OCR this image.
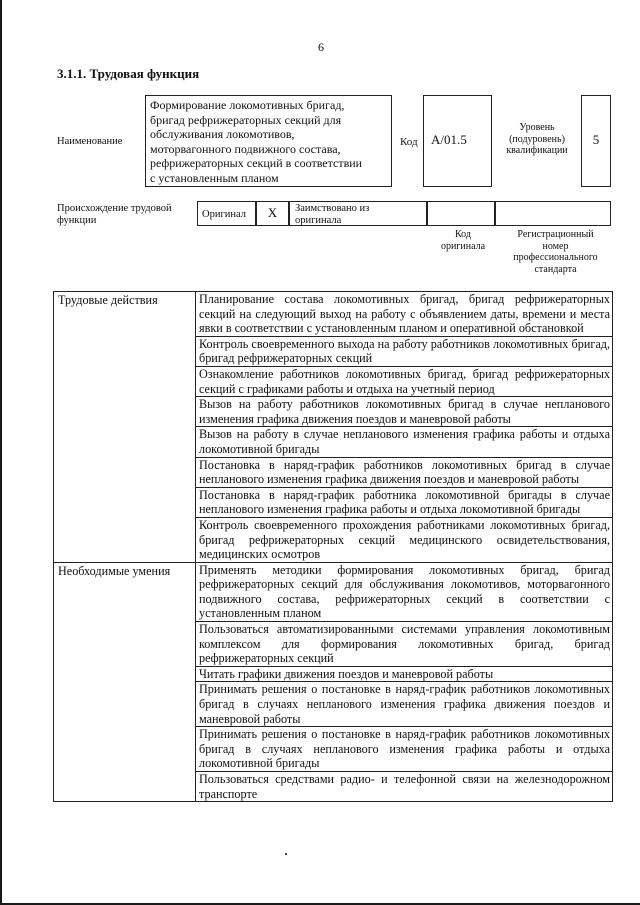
6
3.1.1. Трудовая функция
Наименование
Формирование локомотивных бригад,
бригад рефрижераторных секций для
обслуживания локомотивов,
моторвагонного подвижного состава,
рефрижераторных секций в соответствии
с установленным планом
Код	A/01.5
Уровень
(подуровень)
квалификации
5
Происхождение трудовой
функции
Оригинал	X	Заимствовано из
оригинала
Код
оригинала
Регистрационный
номер
профессионального
стандарта
Трудовые действия	Планирование состава локомотивных бригад, бригад рефрижераторных секций на следующий выход на работу с объявлением даты, времени и места явки в соответствии с установленным планом и оперативной обстановкой
	Контроль своевременного выхода на работу работников локомотивных бригад, бригад рефрижераторных секций
	Ознакомление работников локомотивных бригад, бригад рефрижераторных секций с графиками работы и отдыха на учетный период
	Вызов на работу работников локомотивных бригад в случае непланового изменения графика движения поездов и маневровой работы
	Вызов на работу в случае непланового изменения графика работы и отдыха локомотивной бригады
	Постановка в наряд-график работников локомотивных бригад в случае непланового изменения графика движения поездов и маневровой работы
	Постановка в наряд-график работника локомотивной бригады в случае непланового изменения графика работы и отдыха локомотивной бригады
	Контроль своевременного прохождения работниками локомотивных бригад, бригад рефрижераторных секций медицинского освидетельствования, медицинских осмотров
Необходимые умения	Применять методики формирования локомотивных бригад, бригад рефрижераторных секций для обслуживания локомотивов, моторвагонного подвижного состава, рефрижераторных секций в соответствии с установленным планом
	Пользоваться автоматизированными системами управления локомотивным комплексом для формирования локомотивных бригад, бригад рефрижераторных секций
	Читать графики движения поездов и маневровой работы
	Принимать решения о постановке в наряд-график работников локомотивных бригад в случаях непланового изменения графика движения поездов и маневровой работы
	Принимать решения о постановке в наряд-график работников локомотивных бригад в случаях непланового изменения графика работы и отдыха локомотивной бригады
	Пользоваться средствами радио- и телефонной связи на железнодорожном транспорте
